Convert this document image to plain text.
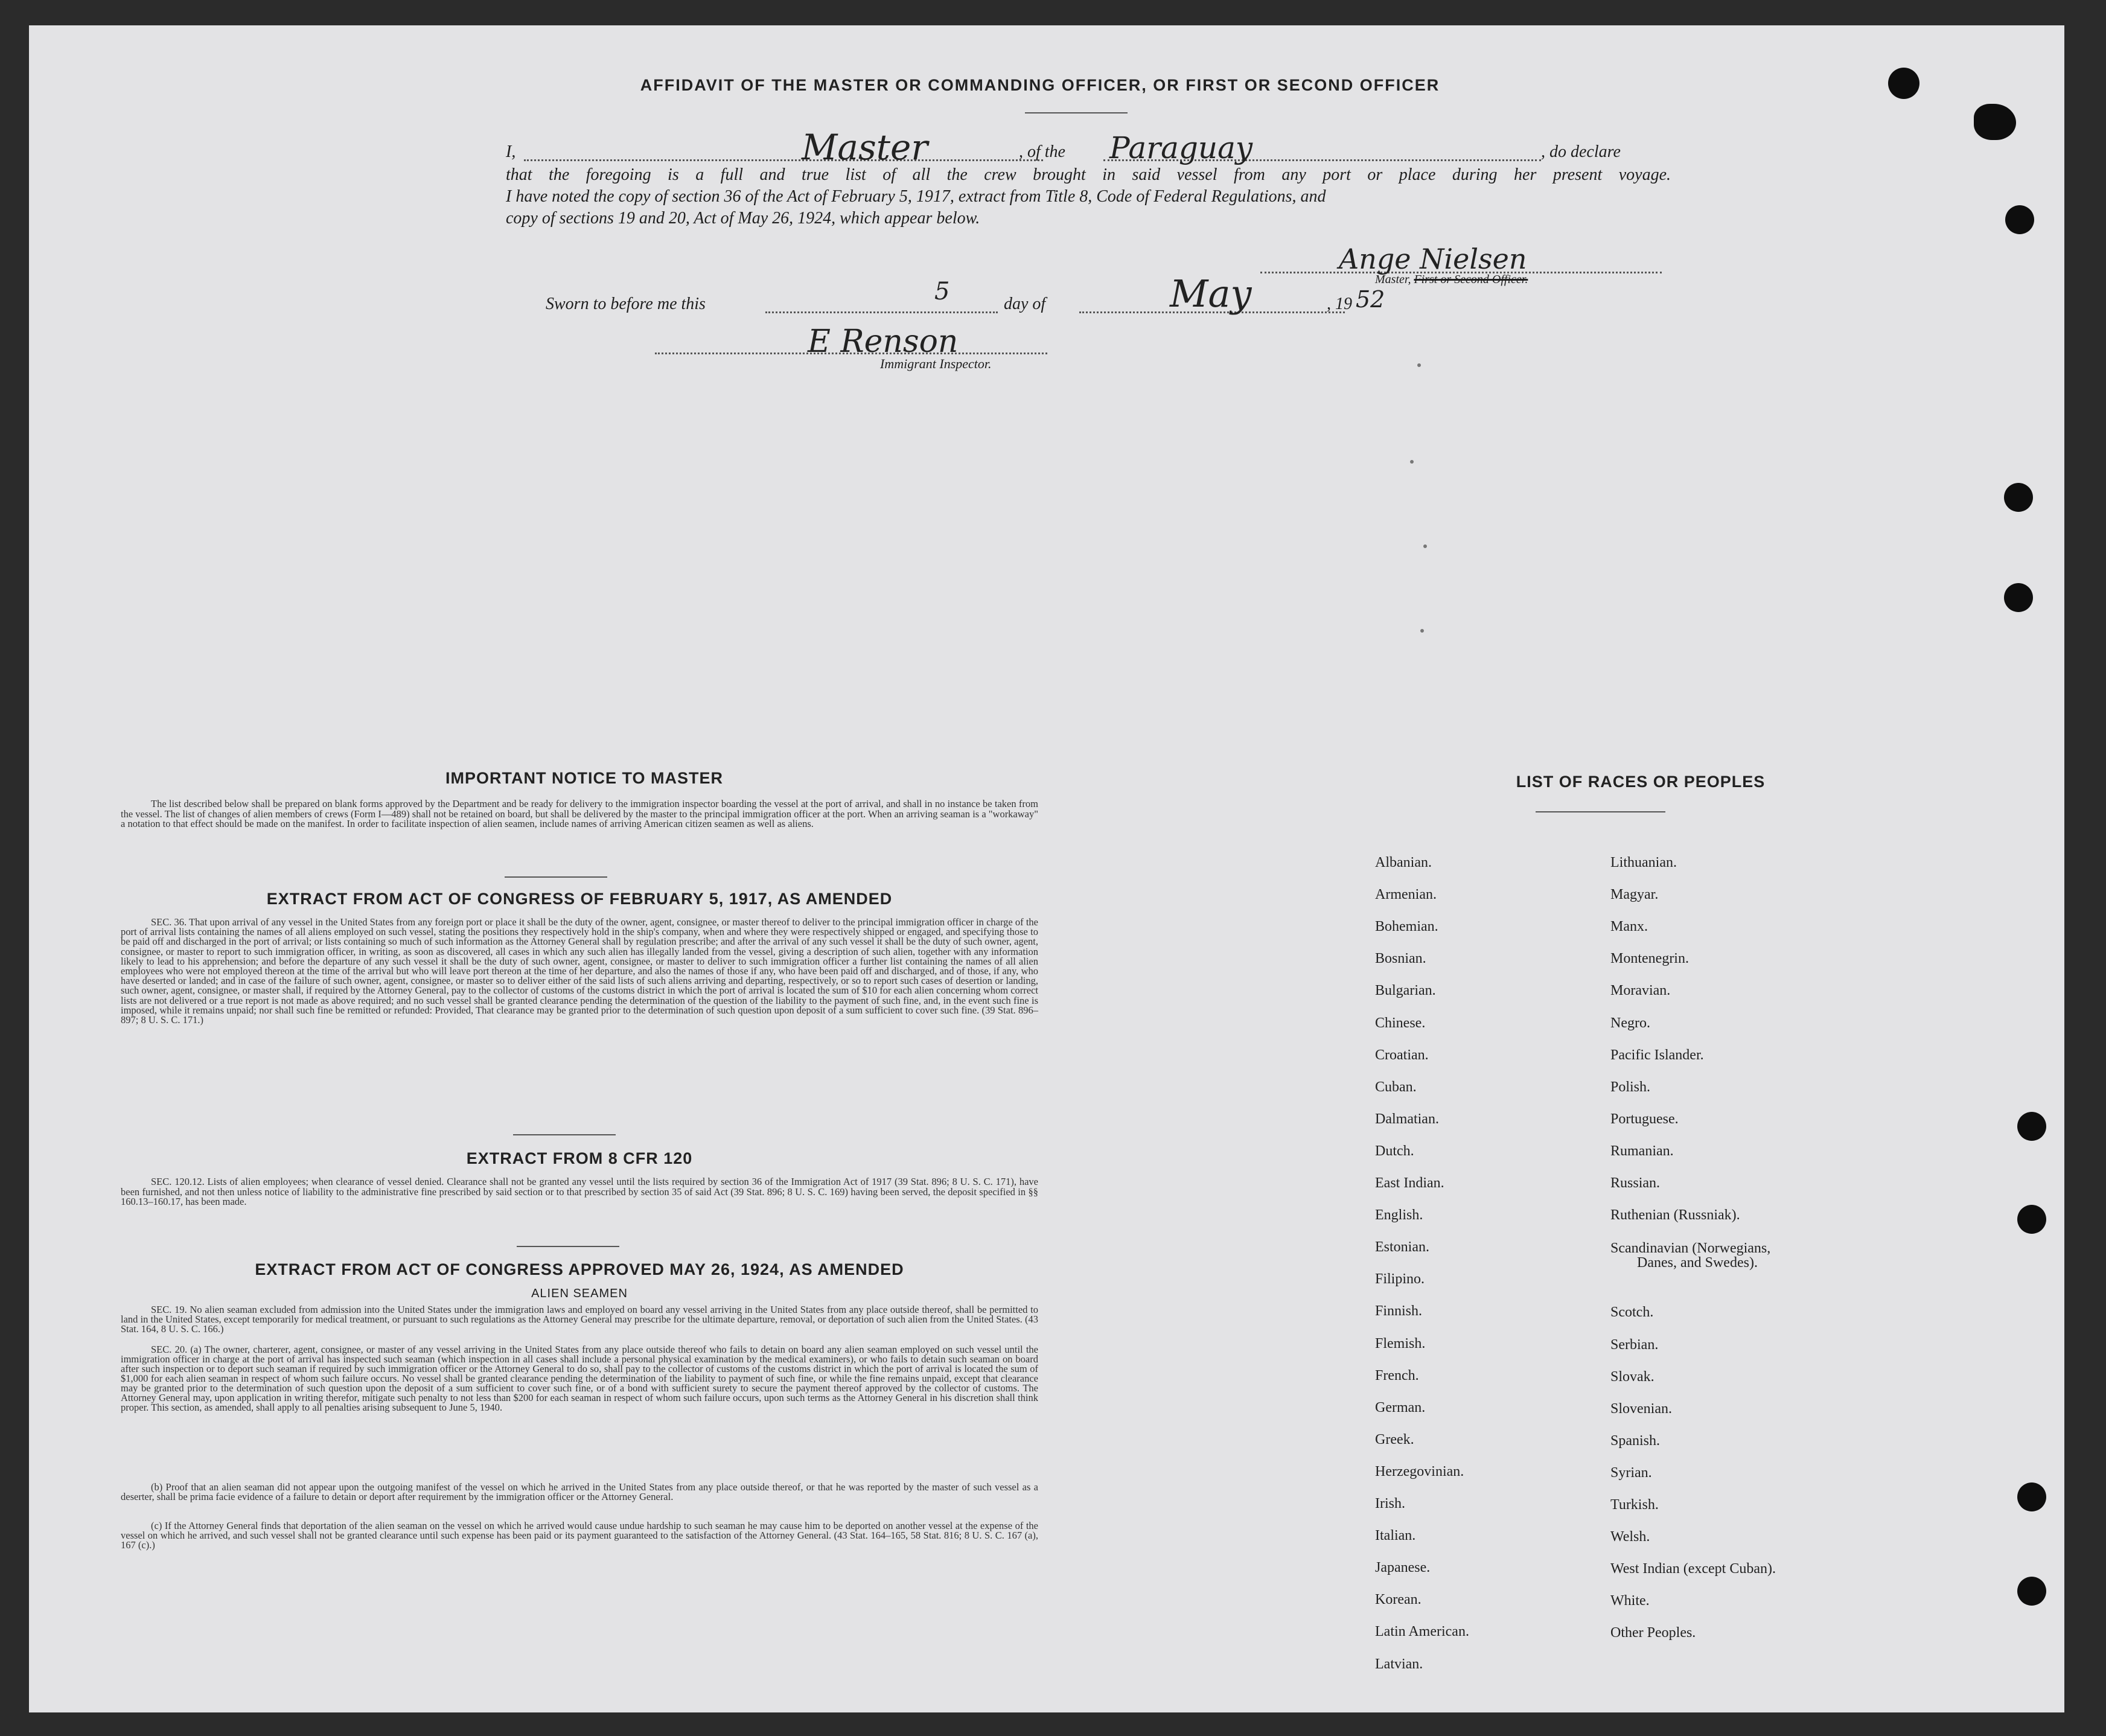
AFFIDAVIT OF THE MASTER OR COMMANDING OFFICER, OR FIRST OR SECOND OFFICER
I,	Master	, of the Paraguay	, do declare
that the foregoing is a full and true list of all the crew brought in said vessel from any port or place during her present voyage.
I have noted the copy of section 36 of the Act of February 5, 1917, extract from Title 8, Code of Federal Regulations, and
copy of sections 19 and 20, Act of May 26, 1924, which appear below.
Ange Nielsen
Master, First or Second Officer.
Sworn to before me this	5	day of	May	, 19 52
E Renson
Immigrant Inspector.
IMPORTANT NOTICE TO MASTER
The list described below shall be prepared on blank forms approved by the Department and be ready for delivery to the immigration inspector boarding the vessel at the port of arrival, and shall in no instance be taken from the vessel. The list of changes of alien members of crews (Form I—489) shall not be retained on board, but shall be delivered by the master to the principal immigration officer at the port. When an arriving seaman is a "workaway" a notation to that effect should be made on the manifest. In order to facilitate inspection of alien seamen, include names of arriving American citizen seamen as well as aliens.
EXTRACT FROM ACT OF CONGRESS OF FEBRUARY 5, 1917, AS AMENDED
SEC. 36. That upon arrival of any vessel in the United States from any foreign port or place it shall be the duty of the owner, agent, consignee, or master thereof to deliver to the principal immigration officer in charge of the port of arrival lists containing the names of all aliens employed on such vessel, stating the positions they respectively hold in the ship's company, when and where they were respectively shipped or engaged, and specifying those to be paid off and discharged in the port of arrival; or lists containing so much of such information as the Attorney General shall by regulation prescribe; and after the arrival of any such vessel it shall be the duty of such owner, agent, consignee, or master to report to such immigration officer, in writing, as soon as discovered, all cases in which any such alien has illegally landed from the vessel, giving a description of such alien, together with any information likely to lead to his apprehension; and before the departure of any such vessel it shall be the duty of such owner, agent, consignee, or master to deliver to such immigration officer a further list containing the names of all alien employees who were not employed thereon at the time of the arrival but who will leave port thereon at the time of her departure, and also the names of those if any, who have been paid off and discharged, and of those, if any, who have deserted or landed; and in case of the failure of such owner, agent, consignee, or master so to deliver either of the said lists of such aliens arriving and departing, respectively, or so to report such cases of desertion or landing, such owner, agent, consignee, or master shall, if required by the Attorney General, pay to the collector of customs of the customs district in which the port of arrival is located the sum of $10 for each alien concerning whom correct lists are not delivered or a true report is not made as above required; and no such vessel shall be granted clearance pending the determination of the question of the liability to the payment of such fine, and, in the event such fine is imposed, while it remains unpaid; nor shall such fine be remitted or refunded: Provided, That clearance may be granted prior to the determination of such question upon deposit of a sum sufficient to cover such fine. (39 Stat. 896–897; 8 U. S. C. 171.)
EXTRACT FROM 8 CFR 120
SEC. 120.12. Lists of alien employees; when clearance of vessel denied. Clearance shall not be granted any vessel until the lists required by section 36 of the Immigration Act of 1917 (39 Stat. 896; 8 U. S. C. 171), have been furnished, and not then unless notice of liability to the administrative fine prescribed by said section or to that prescribed by section 35 of said Act (39 Stat. 896; 8 U. S. C. 169) having been served, the deposit specified in §§ 160.13–160.17, has been made.
EXTRACT FROM ACT OF CONGRESS APPROVED MAY 26, 1924, AS AMENDED
ALIEN SEAMEN
SEC. 19. No alien seaman excluded from admission into the United States under the immigration laws and employed on board any vessel arriving in the United States from any place outside thereof, shall be permitted to land in the United States, except temporarily for medical treatment, or pursuant to such regulations as the Attorney General may prescribe for the ultimate departure, removal, or deportation of such alien from the United States. (43 Stat. 164, 8 U. S. C. 166.)
SEC. 20. (a) The owner, charterer, agent, consignee, or master of any vessel arriving in the United States from any place outside thereof who fails to detain on board any alien seaman employed on such vessel until the immigration officer in charge at the port of arrival has inspected such seaman (which inspection in all cases shall include a personal physical examination by the medical examiners), or who fails to detain such seaman on board after such inspection or to deport such seaman if required by such immigration officer or the Attorney General to do so, shall pay to the collector of customs of the customs district in which the port of arrival is located the sum of $1,000 for each alien seaman in respect of whom such failure occurs. No vessel shall be granted clearance pending the determination of the liability to payment of such fine, or while the fine remains unpaid, except that clearance may be granted prior to the determination of such question upon the deposit of a sum sufficient to cover such fine, or of a bond with sufficient surety to secure the payment thereof approved by the collector of customs. The Attorney General may, upon application in writing therefor, mitigate such penalty to not less than $200 for each seaman in respect of whom such failure occurs, upon such terms as the Attorney General in his discretion shall think proper. This section, as amended, shall apply to all penalties arising subsequent to June 5, 1940.
(b) Proof that an alien seaman did not appear upon the outgoing manifest of the vessel on which he arrived in the United States from any place outside thereof, or that he was reported by the master of such vessel as a deserter, shall be prima facie evidence of a failure to detain or deport after requirement by the immigration officer or the Attorney General.
(c) If the Attorney General finds that deportation of the alien seaman on the vessel on which he arrived would cause undue hardship to such seaman he may cause him to be deported on another vessel at the expense of the vessel on which he arrived, and such vessel shall not be granted clearance until such expense has been paid or its payment guaranteed to the satisfaction of the Attorney General. (43 Stat. 164–165, 58 Stat. 816; 8 U. S. C. 167 (a), 167 (c).)
LIST OF RACES OR PEOPLES
Albanian.
Armenian.
Bohemian.
Bosnian.
Bulgarian.
Chinese.
Croatian.
Cuban.
Dalmatian.
Dutch.
East Indian.
English.
Estonian.
Filipino.
Finnish.
Flemish.
French.
German.
Greek.
Herzegovinian.
Irish.
Italian.
Japanese.
Korean.
Latin American.
Latvian.
Lithuanian.
Magyar.
Manx.
Montenegrin.
Moravian.
Negro.
Pacific Islander.
Polish.
Portuguese.
Rumanian.
Russian.
Ruthenian (Russniak).
Scandinavian (Norwegians,
Danes, and Swedes).
Scotch.
Serbian.
Slovak.
Slovenian.
Spanish.
Syrian.
Turkish.
Welsh.
West Indian (except Cuban).
White.
Other Peoples.
